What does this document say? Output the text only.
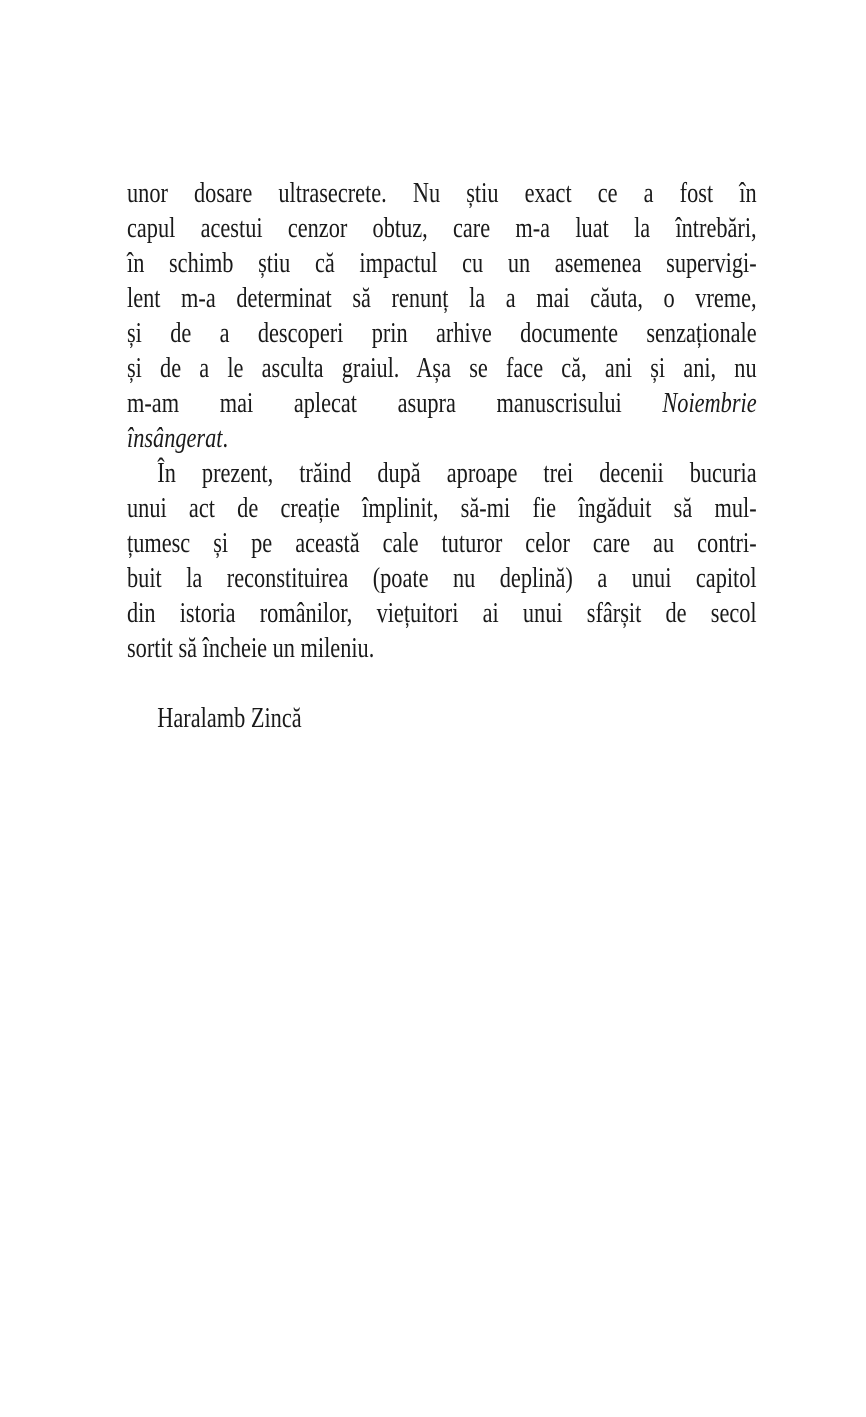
unor dosare ultrasecrete. Nu știu exact ce a fost în
capul acestui cenzor obtuz, care m-a luat la întrebări,
în schimb știu că impactul cu un asemenea supervigi-
lent m-a determinat să renunț la a mai căuta, o vreme,
și de a descoperi prin arhive documente senzaționale
și de a le asculta graiul. Așa se face că, ani și ani, nu
m-am mai aplecat asupra manuscrisului Noiembrie
însângerat.
În prezent, trăind după aproape trei decenii bucuria
unui act de creație împlinit, să-mi fie îngăduit să mul-
țumesc și pe această cale tuturor celor care au contri-
buit la reconstituirea (poate nu deplină) a unui capitol
din istoria românilor, viețuitori ai unui sfârșit de secol
sortit să încheie un mileniu.
Haralamb Zincă
